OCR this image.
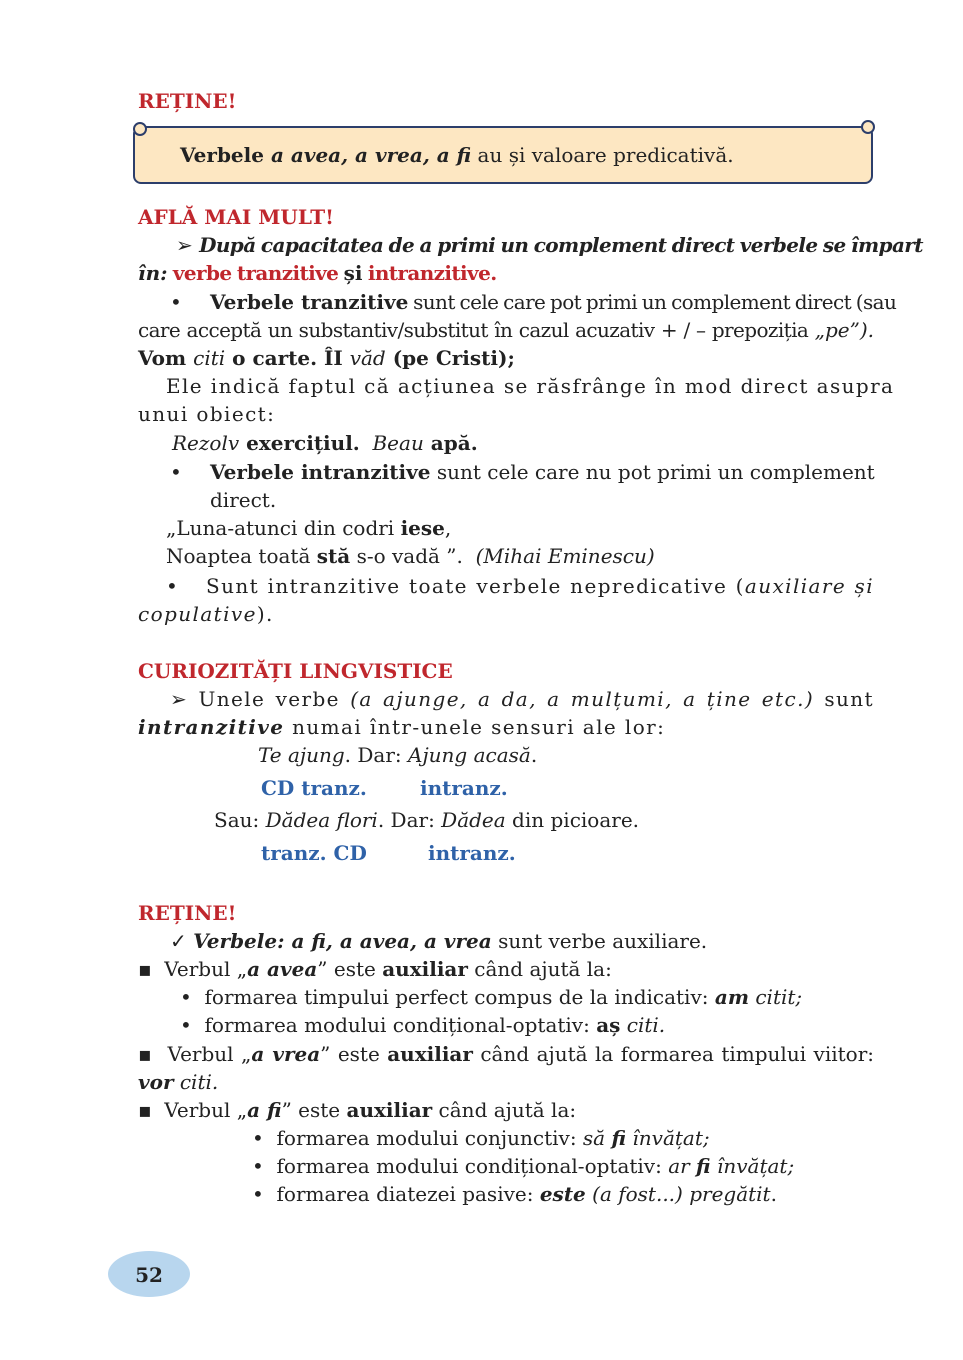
REȚINE!
Verbele a avea, a vrea, a fi au și valoare predicativă.
AFLĂ MAI MULT!
➢ După capacitatea de a primi un complement direct verbele se împart
în: verbe tranzitive și intranzitive.
• Verbele tranzitive sunt cele care pot primi un complement direct (sau
care acceptă un substantiv/substitut în cazul acuzativ + / – prepoziția „pe”).
Vom citi o carte. ÎI văd (pe Cristi);
Ele indică faptul că acțiunea se răsfrânge în mod direct asupra
unui obiect:
Rezolv exercițiul. Beau apă.
• Verbele intranzitive sunt cele care nu pot primi un complement
direct.
„Luna-atunci din codri iese,
Noaptea toată stă s-o vadă ”. (Mihai Eminescu)
• Sunt intranzitive toate verbele nepredicative (auxiliare și
copulative).
CURIOZITĂȚI LINGVISTICE
➢ Unele verbe (a ajunge, a da, a mulțumi, a ține etc.) sunt
intranzitive numai într-unele sensuri ale lor:
Te ajung. Dar: Ajung acasă.
CD tranz.	intranz.
Sau: Dădea flori. Dar: Dădea din picioare.
tranz. CD	intranz.
REȚINE!
✓ Verbele: a fi, a avea, a vrea sunt verbe auxiliare.
▪ Verbul „a avea” este auxiliar când ajută la:
• formarea timpului perfect compus de la indicativ: am citit;
• formarea modului condițional-optativ: aș citi.
▪ Verbul „a vrea” este auxiliar când ajută la formarea timpului viitor:
vor citi.
▪ Verbul „a fi” este auxiliar când ajută la:
• formarea modului conjunctiv: să fi învățat;
• formarea modului condițional-optativ: ar fi învățat;
• formarea diatezei pasive: este (a fost...) pregătit.
52
